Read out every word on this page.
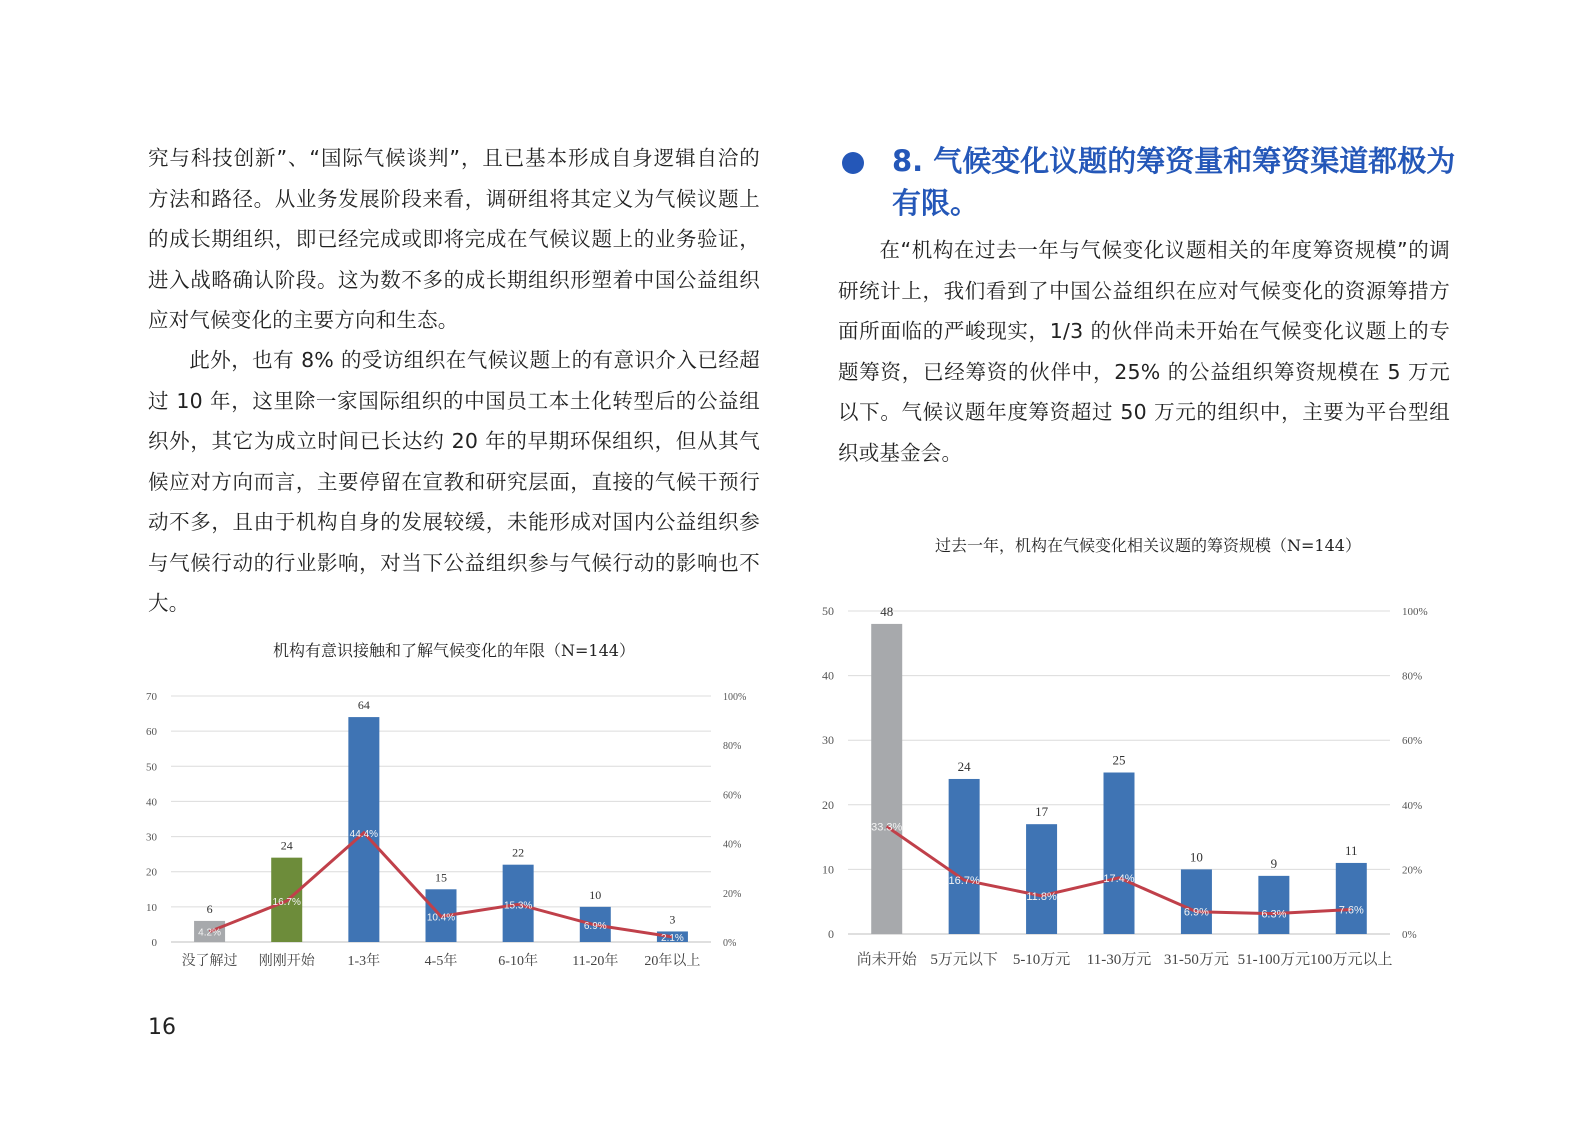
究与科技创新”、“国际气候谈判”，且已基本形成自身逻辑自洽的方法和路径。从业务发展阶段来看，调研组将其定义为气候议题上的成长期组织，即已经完成或即将完成在气候议题上的业务验证，进入战略确认阶段。这为数不多的成长期组织形塑着中国公益组织应对气候变化的主要方向和生态。

此外，也有 8% 的受访组织在气候议题上的有意识介入已经超过 10 年，这里除一家国际组织的中国员工本土化转型后的公益组织外，其它为成立时间已长达约 20 年的早期环保组织，但从其气候应对方向而言，主要停留在宣教和研究层面，直接的气候干预行动不多，且由于机构自身的发展较缓，未能形成对国内公益组织参与气候行动的行业影响，对当下公益组织参与气候行动的影响也不大。

8. 气候变化议题的筹资量和筹资渠道都极为有限。

在“机构在过去一年与气候变化议题相关的年度筹资规模”的调研统计上，我们看到了中国公益组织在应对气候变化的资源筹措方面所面临的严峻现实，1/3 的伙伴尚未开始在气候变化议题上的专题筹资，已经筹资的伙伴中，25% 的公益组织筹资规模在 5 万元以下。气候议题年度筹资超过 50 万元的组织中，主要为平台型组织或基金会。

机构有意识接触和了解气候变化的年限（N=144）
过去一年，机构在气候变化相关议题的筹资规模（N=144）
0
10
20
30
40
50
60
70
0%
20%
40%
60%
80%
100%
6
24
64
15
22
10
3
没了解过 刚刚开始 1-3年	4-5年	6-10年 11-20年 20年以上
4.2%
16.7%
44.4%
10.4%
15.3%
6.9%
2.1%	0
10
20
30
40
50
0%
20%
40%
60%
80%
100%
48
24
17
25
10	9
11
尚未开始 5万元以下 5-10万元 11-30万元 31-50万元 51-100万元 100万元以上
33.3%
16.7%
11.8%
17.4%
6.9%	6.3%	7.6%
16
